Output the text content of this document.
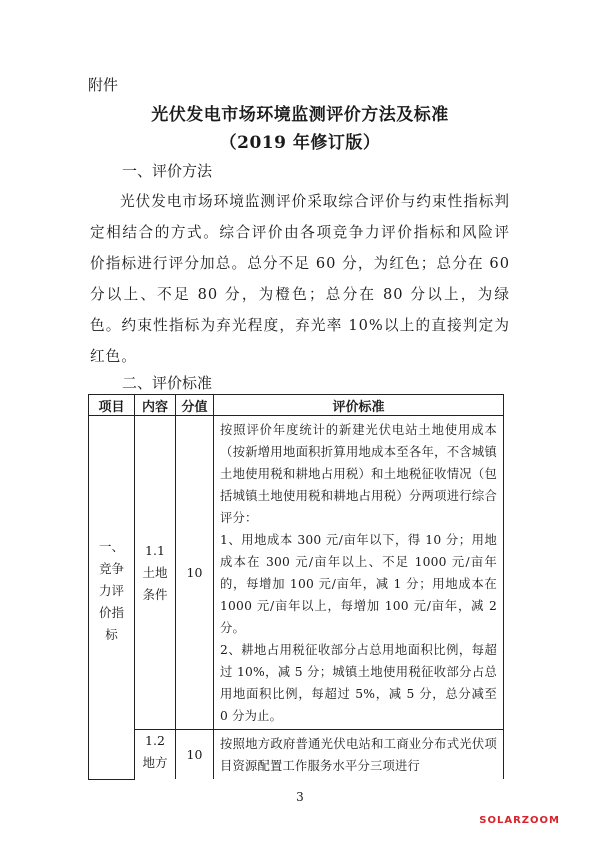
附件
光伏发电市场环境监测评价方法及标准
（2019 年修订版）
一、评价方法
光伏发电市场环境监测评价采取综合评价与约束性指标判定相结合的方式。综合评价由各项竞争力评价指标和风险评价指标进行评分加总。总分不足 60 分，为红色；总分在 60 分以上、不足 80 分，为橙色；总分在 80 分以上，为绿色。约束性指标为弃光程度，弃光率 10%以上的直接判定为红色。
二、评价标准
项目	内容	分值	评价标准
一、竞争力评价指标	1.1 土地条件	10	按照评价年度统计的新建光伏电站土地使用成本（按新增用地面积折算用地成本至各年，不含城镇土地使用税和耕地占用税）和土地税征收情况（包括城镇土地使用税和耕地占用税）分两项进行综合评分：
1、用地成本 300 元/亩年以下，得 10 分；用地成本在 300 元/亩年以上、不足 1000 元/亩年的，每增加 100 元/亩年，减 1 分；用地成本在 1000 元/亩年以上，每增加 100 元/亩年，减 2 分。
2、耕地占用税征收部分占总用地面积比例，每超过 10%，减 5 分；城镇土地使用税征收部分占总用地面积比例，每超过 5%，减 5 分，总分减至 0 分为止。

	1.2 地方	10	按照地方政府普通光伏电站和工商业分布式光伏项目资源配置工作服务水平分三项进行
3
SOLARZOOM
